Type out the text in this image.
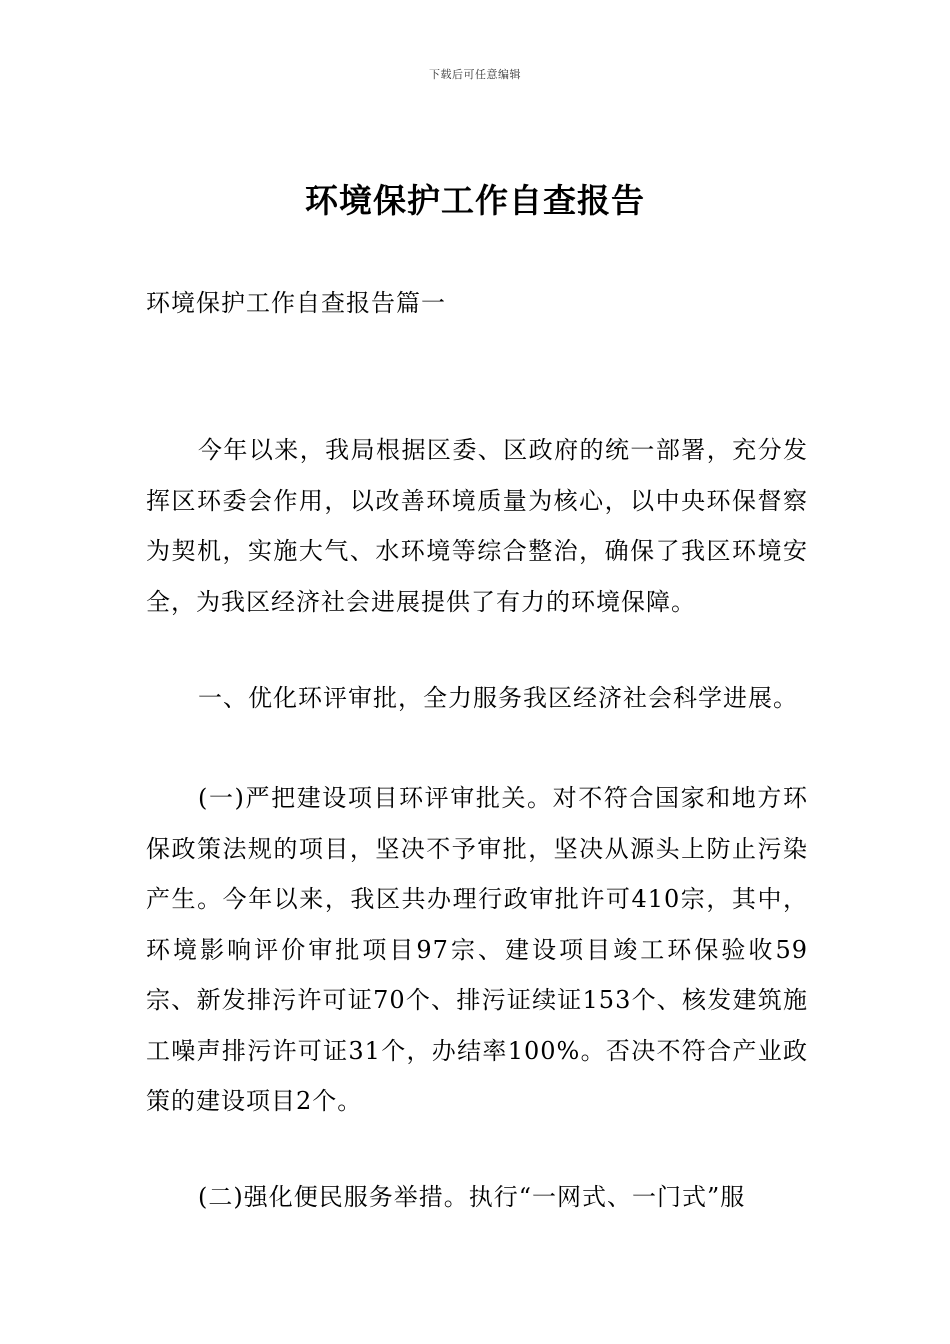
下载后可任意编辑
环境保护工作自查报告
环境保护工作自查报告篇一

今年以来，我局根据区委、区政府的统一部署，充分发挥区环委会作用，以改善环境质量为核心，以中央环保督察为契机，实施大气、水环境等综合整治，确保了我区环境安全，为我区经济社会进展提供了有力的环境保障。

一、优化环评审批，全力服务我区经济社会科学进展。

(一)严把建设项目环评审批关。对不符合国家和地方环保政策法规的项目，坚决不予审批，坚决从源头上防止污染产生。今年以来，我区共办理行政审批许可410宗，其中，环境影响评价审批项目97宗、建设项目竣工环保验收59宗、新发排污许可证70个、排污证续证153个、核发建筑施工噪声排污许可证31个，办结率100%。否决不符合产业政策的建设项目2个。

(二)强化便民服务举措。执行“一网式、一门式”服
